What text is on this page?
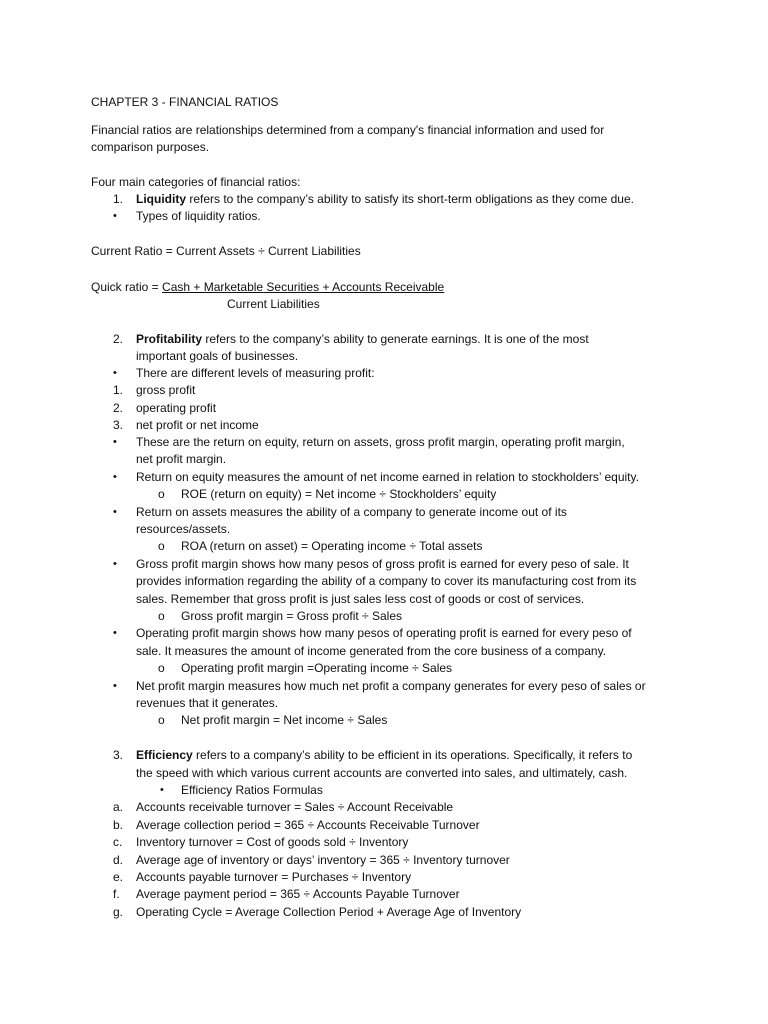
CHAPTER 3 - FINANCIAL RATIOS
Financial ratios are relationships determined from a company's financial information and used for
comparison purposes.
Four main categories of financial ratios:
1. Liquidity refers to the company’s ability to satisfy its short-term obligations as they come due.
• Types of liquidity ratios.
Current Ratio = Current Assets ÷ Current Liabilities
Quick ratio = Cash + Marketable Securities + Accounts Receivable
Current Liabilities
2. Profitability refers to the company’s ability to generate earnings. It is one of the most
important goals of businesses.
• There are different levels of measuring profit:
1. gross profit
2. operating profit
3. net profit or net income
• These are the return on equity, return on assets, gross profit margin, operating profit margin,
net profit margin.
• Return on equity measures the amount of net income earned in relation to stockholders’ equity.
o ROE (return on equity) = Net income ÷ Stockholders’ equity
• Return on assets measures the ability of a company to generate income out of its
resources/assets.
o ROA (return on asset) = Operating income ÷ Total assets
• Gross profit margin shows how many pesos of gross profit is earned for every peso of sale. It
provides information regarding the ability of a company to cover its manufacturing cost from its
sales. Remember that gross profit is just sales less cost of goods or cost of services.
o Gross profit margin = Gross profit ÷ Sales
• Operating profit margin shows how many pesos of operating profit is earned for every peso of
sale. It measures the amount of income generated from the core business of a company.
o Operating profit margin =Operating income ÷ Sales
• Net profit margin measures how much net profit a company generates for every peso of sales or
revenues that it generates.
o Net profit margin = Net income ÷ Sales
3. Efficiency refers to a company’s ability to be efficient in its operations. Specifically, it refers to
the speed with which various current accounts are converted into sales, and ultimately, cash.
• Efficiency Ratios Formulas
a. Accounts receivable turnover = Sales ÷ Account Receivable
b. Average collection period = 365 ÷ Accounts Receivable Turnover
c. Inventory turnover = Cost of goods sold ÷ Inventory
d. Average age of inventory or days’ inventory = 365 ÷ Inventory turnover
e. Accounts payable turnover = Purchases ÷ Inventory
f. Average payment period = 365 ÷ Accounts Payable Turnover
g. Operating Cycle = Average Collection Period + Average Age of Inventory
